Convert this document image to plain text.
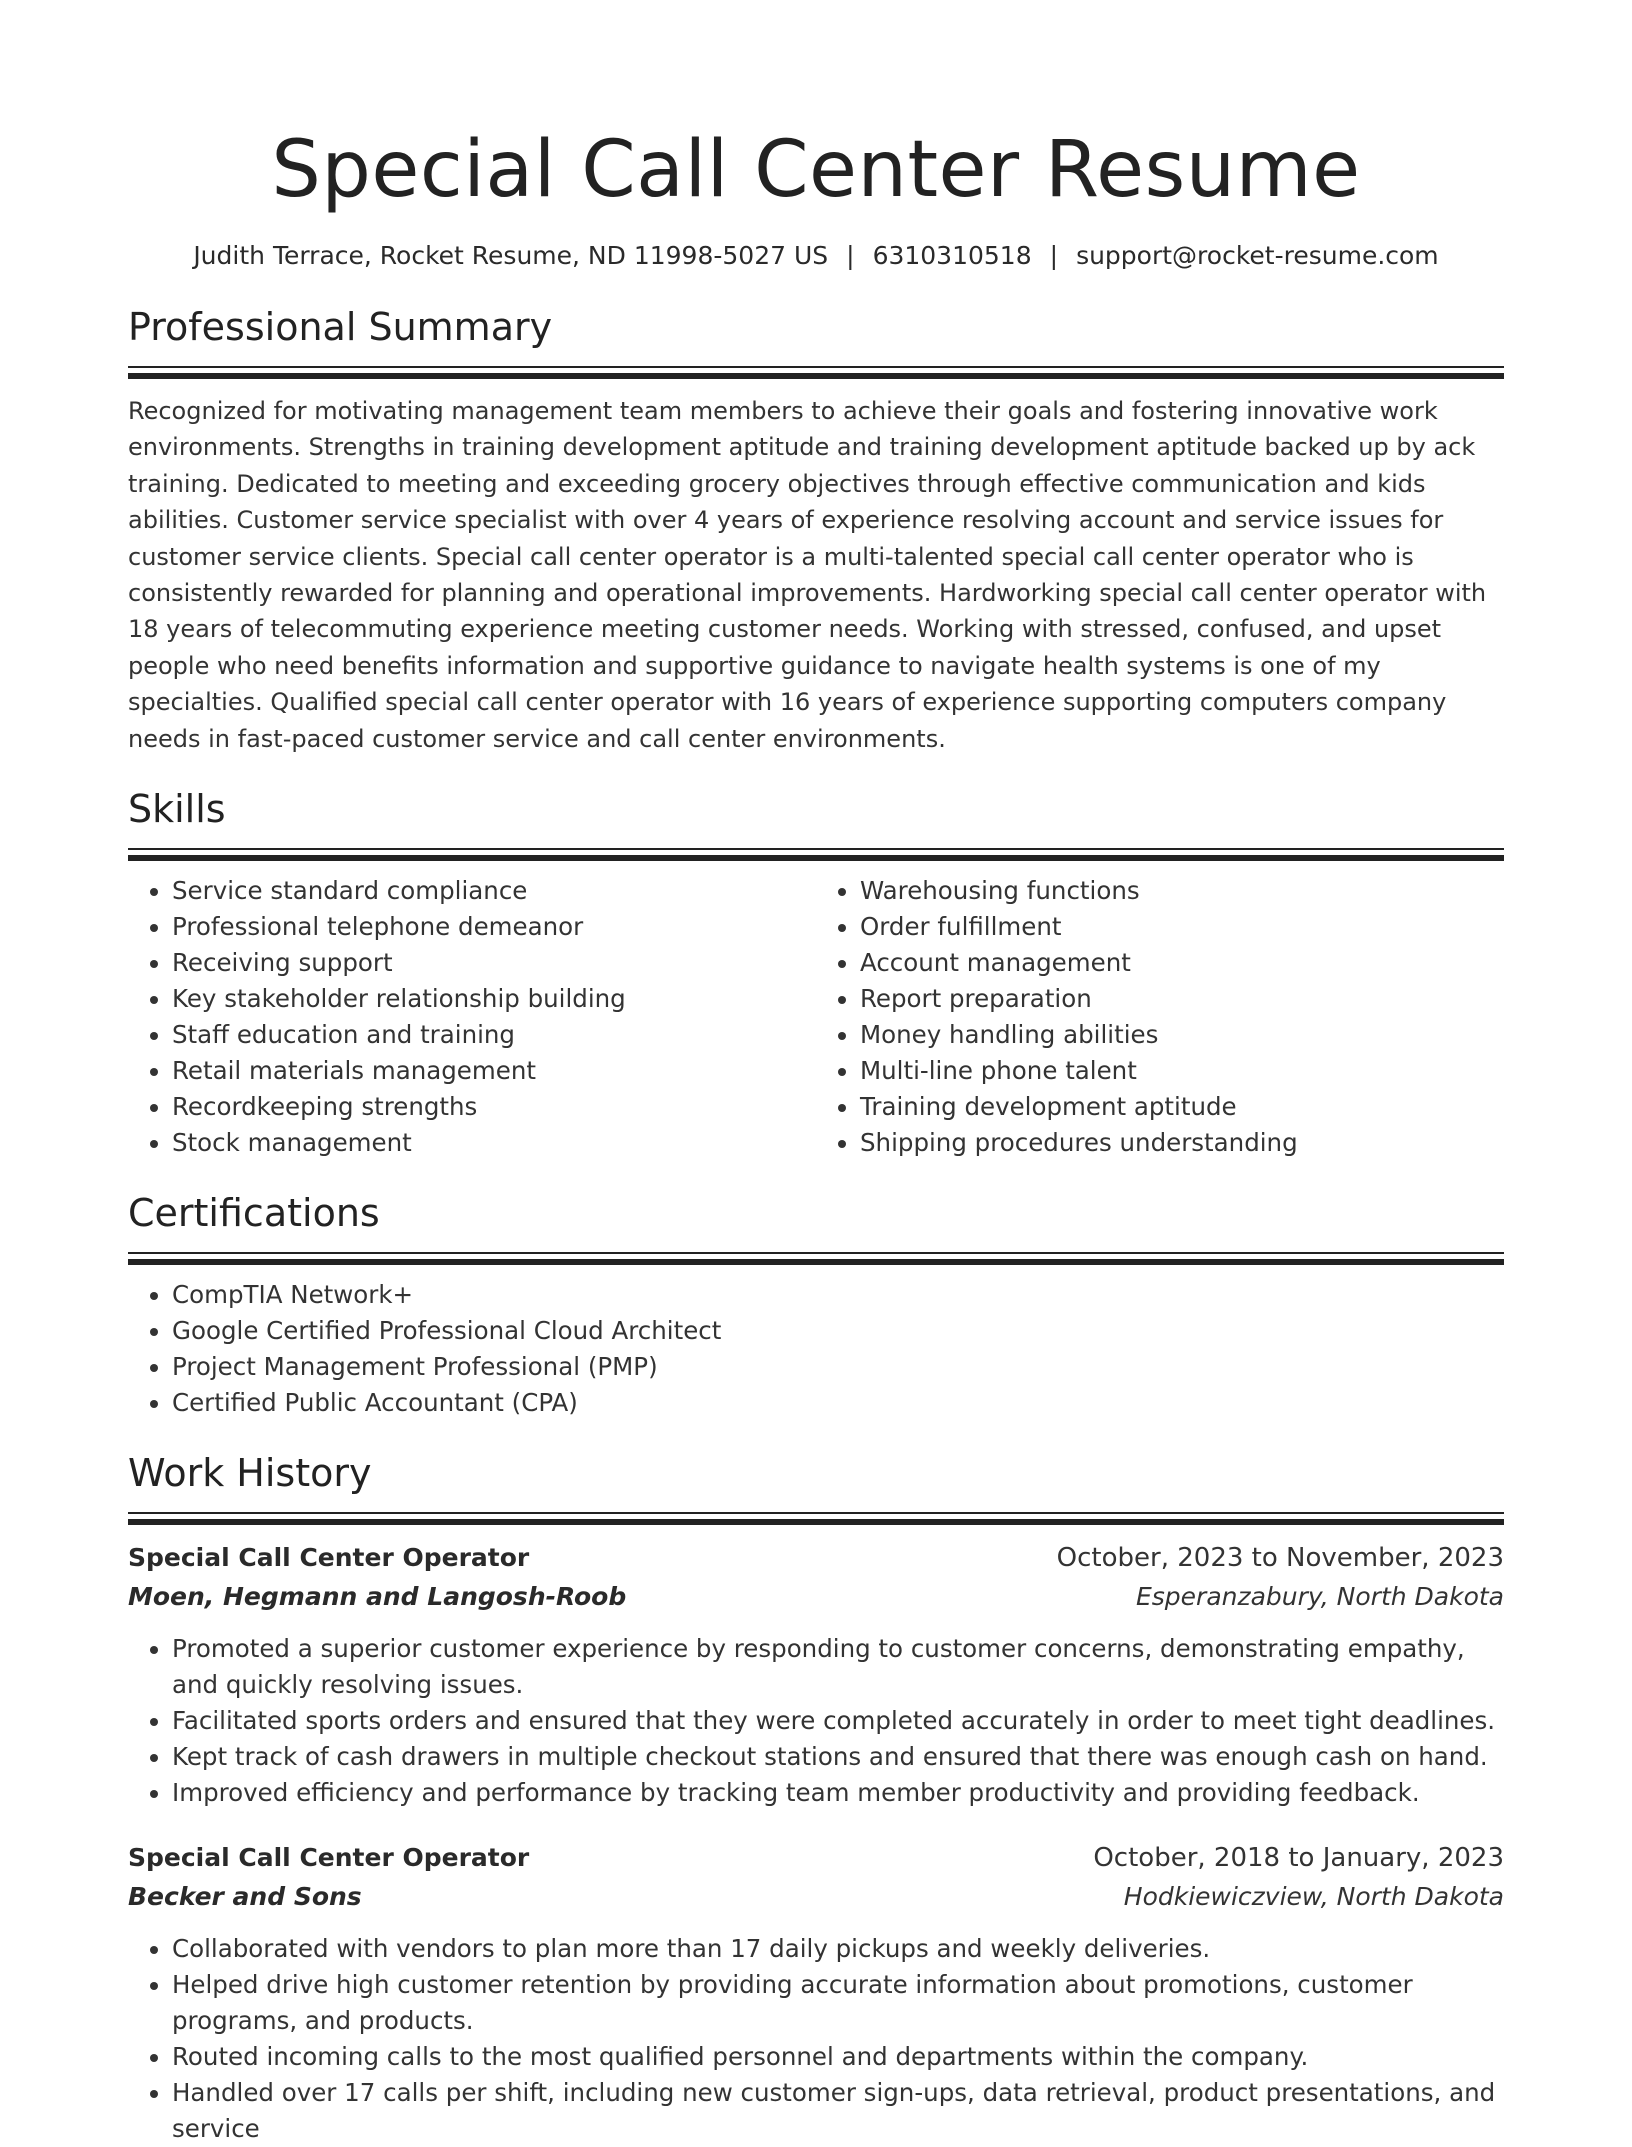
Special Call Center Resume
Judith Terrace, Rocket Resume, ND 11998-5027 US | 6310310518 | support@rocket-resume.com
Professional Summary

Recognized for motivating management team members to achieve their goals and fostering innovative work environments. Strengths in training development aptitude and training development aptitude backed up by ack training. Dedicated to meeting and exceeding grocery objectives through effective communication and kids abilities. Customer service specialist with over 4 years of experience resolving account and service issues for customer service clients. Special call center operator is a multi-talented special call center operator who is consistently rewarded for planning and operational improvements. Hardworking special call center operator with 18 years of telecommuting experience meeting customer needs. Working with stressed, confused, and upset people who need benefits information and supportive guidance to navigate health systems is one of my specialties. Qualified special call center operator with 16 years of experience supporting computers company needs in fast-paced customer service and call center environments.

Skills
• Service standard compliance
• Professional telephone demeanor
• Receiving support
• Key stakeholder relationship building
• Staff education and training
• Retail materials management
• Recordkeeping strengths
• Stock management
• Warehousing functions
• Order fulfillment
• Account management
• Report preparation
• Money handling abilities
• Multi-line phone talent
• Training development aptitude
• Shipping procedures understanding
Certifications
• CompTIA Network+
• Google Certified Professional Cloud Architect
• Project Management Professional (PMP)
• Certified Public Accountant (CPA)
Work History
Special Call Center Operator	October, 2023 to November, 2023
Moen, Hegmann and Langosh-Roob	Esperanzabury, North Dakota
• Promoted a superior customer experience by responding to customer concerns, demonstrating empathy, and quickly resolving issues.
• Facilitated sports orders and ensured that they were completed accurately in order to meet tight deadlines.
• Kept track of cash drawers in multiple checkout stations and ensured that there was enough cash on hand.
• Improved efficiency and performance by tracking team member productivity and providing feedback.
Special Call Center Operator	October, 2018 to January, 2023
Becker and Sons	Hodkiewiczview, North Dakota
• Collaborated with vendors to plan more than 17 daily pickups and weekly deliveries.
• Helped drive high customer retention by providing accurate information about promotions, customer programs, and products.
• Routed incoming calls to the most qualified personnel and departments within the company.
• Handled over 17 calls per shift, including new customer sign-ups, data retrieval, product presentations, and service
